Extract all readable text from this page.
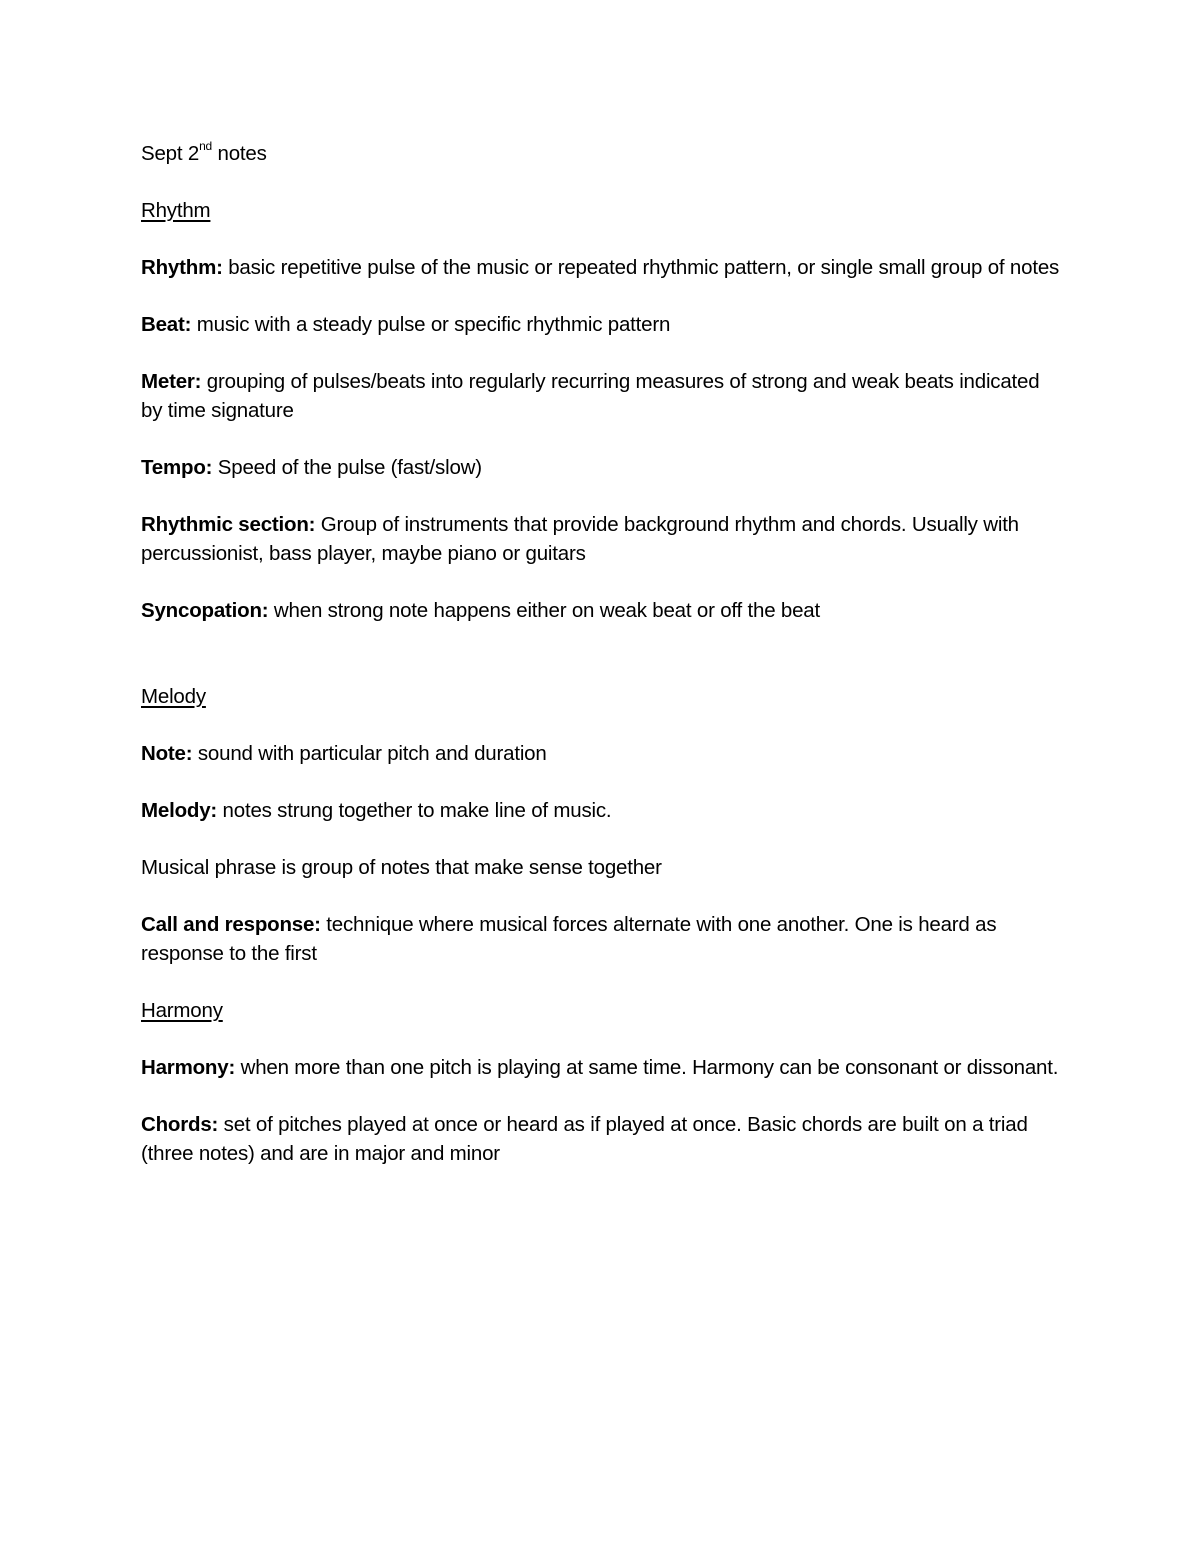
Sept 2nd notes

Rhythm

Rhythm: basic repetitive pulse of the music or repeated rhythmic pattern, or single small group of notes

Beat: music with a steady pulse or specific rhythmic pattern

Meter: grouping of pulses/beats into regularly recurring measures of strong and weak beats indicated by time signature

Tempo: Speed of the pulse (fast/slow)

Rhythmic section: Group of instruments that provide background rhythm and chords. Usually with percussionist, bass player, maybe piano or guitars

Syncopation: when strong note happens either on weak beat or off the beat

Melody

Note: sound with particular pitch and duration

Melody: notes strung together to make line of music.

Musical phrase is group of notes that make sense together

Call and response: technique where musical forces alternate with one another. One is heard as response to the first

Harmony

Harmony: when more than one pitch is playing at same time. Harmony can be consonant or dissonant.

Chords: set of pitches played at once or heard as if played at once. Basic chords are built on a triad (three notes) and are in major and minor
